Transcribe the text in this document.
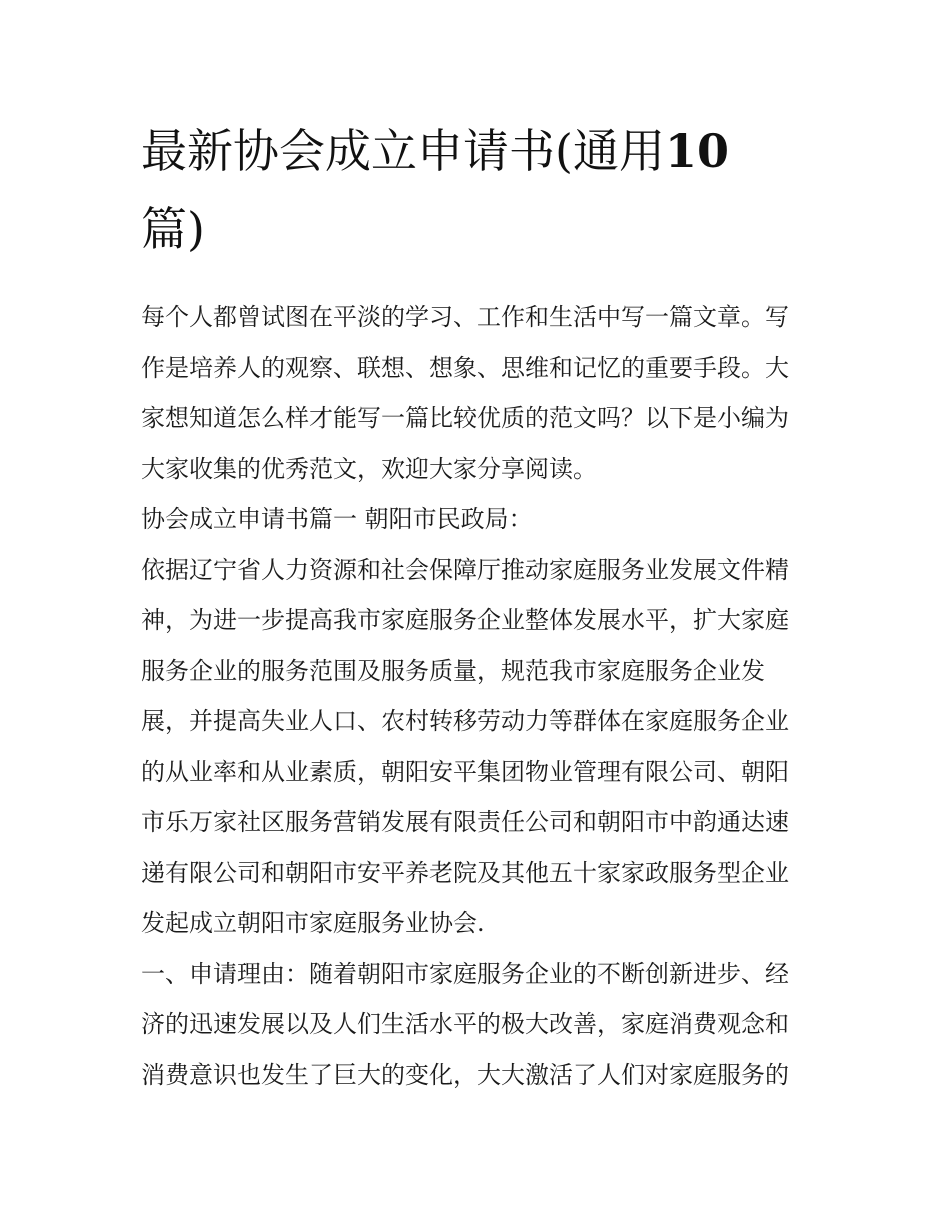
最新协会成立申请书(通用10
篇)

每个人都曾试图在平淡的学习、工作和生活中写一篇文章。写
作是培养人的观察、联想、想象、思维和记忆的重要手段。大
家想知道怎么样才能写一篇比较优质的范文吗？以下是小编为
大家收集的优秀范文，欢迎大家分享阅读。

协会成立申请书篇一 朝阳市民政局：

依据辽宁省人力资源和社会保障厅推动家庭服务业发展文件精
神，为进一步提高我市家庭服务企业整体发展水平，扩大家庭
服务企业的服务范围及服务质量，规范我市家庭服务企业发
展，并提高失业人口、农村转移劳动力等群体在家庭服务企业
的从业率和从业素质，朝阳安平集团物业管理有限公司、朝阳
市乐万家社区服务营销发展有限责任公司和朝阳市中韵通达速
递有限公司和朝阳市安平养老院及其他五十家家政服务型企业
发起成立朝阳市家庭服务业协会.

一、申请理由：随着朝阳市家庭服务企业的不断创新进步、经
济的迅速发展以及人们生活水平的极大改善，家庭消费观念和
消费意识也发生了巨大的变化，大大激活了人们对家庭服务的
